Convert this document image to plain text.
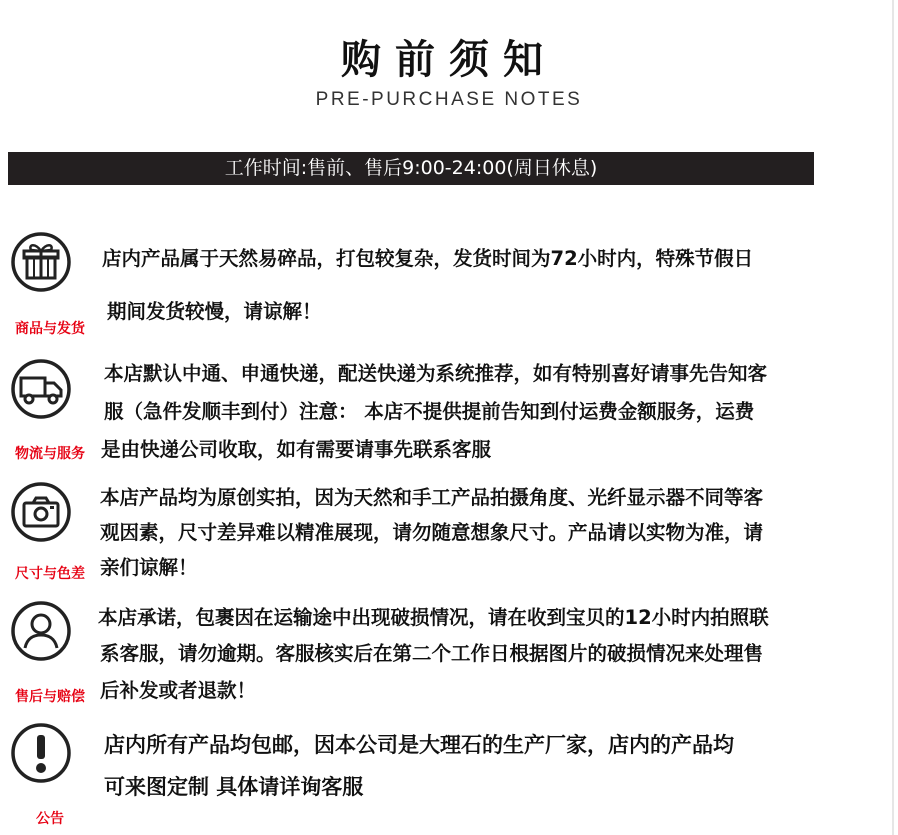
购前须知
PRE-PURCHASE NOTES
工作时间:售前、售后9:00-24:00(周日休息)
商品与发货
店内产品属于天然易碎品，打包较复杂，发货时间为72小时内，特殊节假日
期间发货较慢，请谅解！
物流与服务
本店默认中通、申通快递，配送快递为系统推荐，如有特别喜好请事先告知客
服（急件发顺丰到付）注意： 本店不提供提前告知到付运费金额服务，运费
是由快递公司收取，如有需要请事先联系客服
尺寸与色差
本店产品均为原创实拍，因为天然和手工产品拍摄角度、光纤显示器不同等客
观因素，尺寸差异难以精准展现，请勿随意想象尺寸。产品请以实物为准，请
亲们谅解！
售后与赔偿
本店承诺，包裹因在运输途中出现破损情况，请在收到宝贝的12小时内拍照联
系客服，请勿逾期。客服核实后在第二个工作日根据图片的破损情况来处理售
后补发或者退款！
公告
店内所有产品均包邮，因本公司是大理石的生产厂家，店内的产品均
可来图定制 具体请详询客服
